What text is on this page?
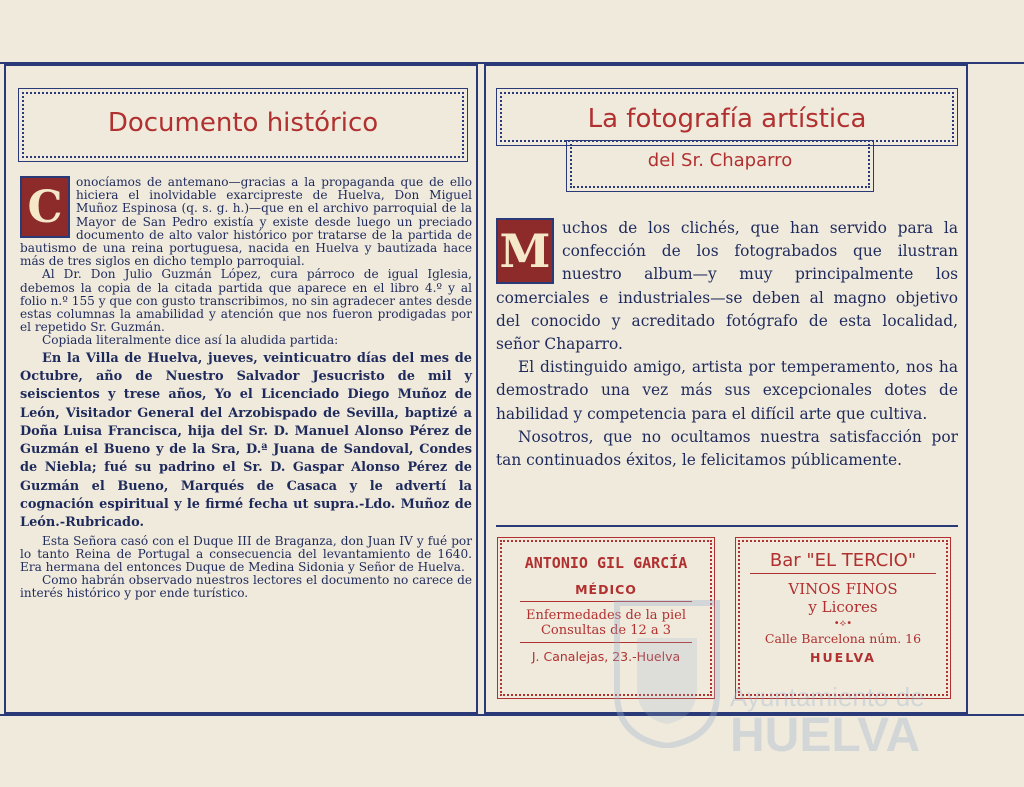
Documento histórico
C	onocíamos de antemano—gracias a la propaganda que de ello hiciera el inolvidable exarcipreste de Huelva, Don Miguel Muñoz Espinosa (q. s. g. h.)—que en el archivo parroquial de la Mayor de San Pedro existía y existe desde luego un preciado documento de alto valor histórico por tratarse de la partida de bautismo de una reina portuguesa, nacida en Huelva y bautizada hace más de tres siglos en dicho templo parroquial.

Al Dr. Don Julio Guzmán López, cura párroco de igual Iglesia, debemos la copia de la citada partida que aparece en el libro 4.º y al folio n.º 155 y que con gusto transcribimos, no sin agradecer antes desde estas columnas la amabilidad y atención que nos fueron prodigadas por el repetido Sr. Guzmán.

Copiada literalmente dice así la aludida partida:

En la Villa de Huelva, jueves, veinticuatro días del mes de Octubre, año de Nuestro Salvador Jesucristo de mil y seiscientos y trese años, Yo el Licenciado Diego Muñoz de León, Visitador General del Arzobispado de Sevilla, baptizé a Doña Luisa Francisca, hija del Sr. D. Manuel Alonso Pérez de Guzmán el Bueno y de la Sra, D.ª Juana de Sandoval, Condes de Niebla; fué su padrino el Sr. D. Gaspar Alonso Pérez de Guzmán el Bueno, Marqués de Casaca y le advertí la cognación espiritual y le firmé fecha ut supra.-Ldo. Muñoz de León.-Rubricado.

Esta Señora casó con el Duque III de Braganza, don Juan IV y fué por lo tanto Reina de Portugal a consecuencia del levantamiento de 1640. Era hermana del entonces Duque de Medina Sidonia y Señor de Huelva.

Como habrán observado nuestros lectores el documento no carece de interés histórico y por ende turístico.

La fotografía artística
del Sr. Chaparro
M uchos de los clichés, que han servido para la confección de los fotograbados que ilustran nuestro album—y muy principalmente los comerciales e industriales—se deben al magno objetivo del conocido y acreditado fotógrafo de esta localidad, señor Chaparro.

El distinguido amigo, artista por temperamento, nos ha demostrado una vez más sus excepcionales dotes de habilidad y competencia para el difícil arte que cultiva.

Nosotros, que no ocultamos nuestra satisfacción por tan continuados éxitos, le felicitamos públicamente.

ANTONIO GIL GARCÍA
MÉDICO
Enfermedades de la piel
Consultas de 12 a 3
J. Canalejas, 23.-Huelva
Bar "EL TERCIO"
VINOS FINOS
y Licores
•⟡•
Calle Barcelona núm. 16
HUELVA
Ayuntamiento de
HUELVA
